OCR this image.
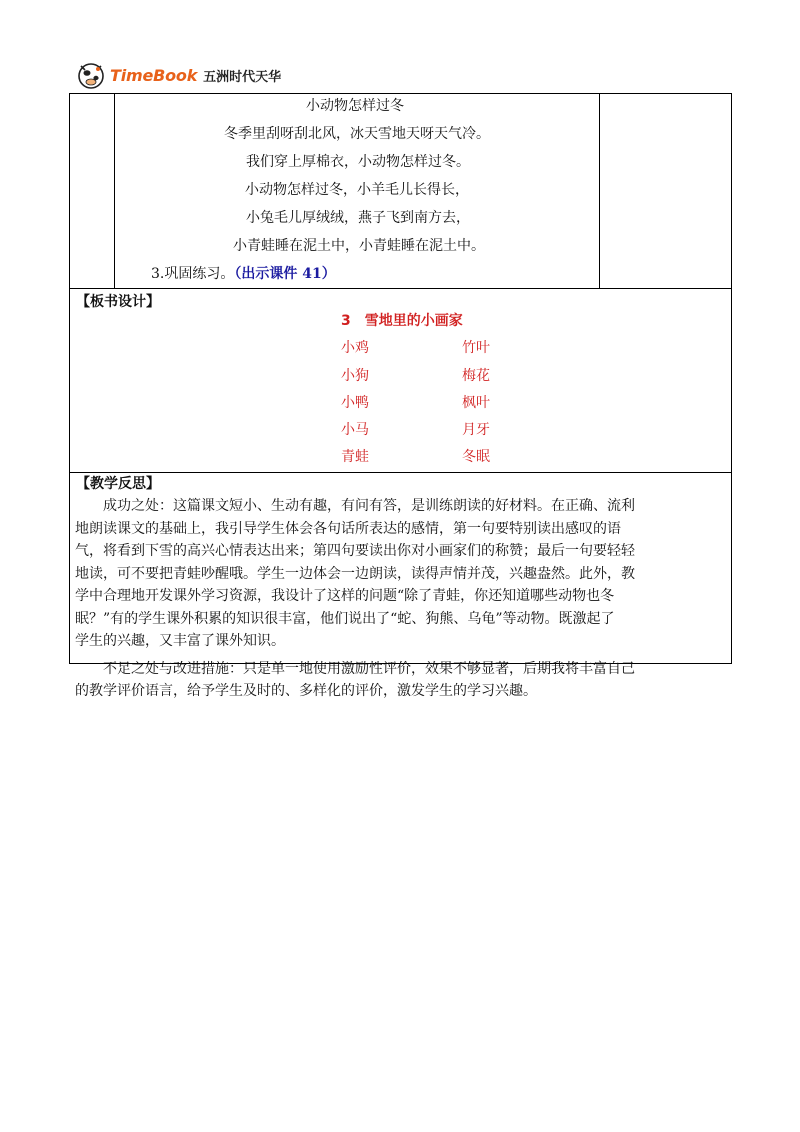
TimeBook 五洲时代天华
小动物怎样过冬
冬季里刮呀刮北风，冰天雪地天呀天气冷。
我们穿上厚棉衣，小动物怎样过冬。
小动物怎样过冬，小羊毛儿长得长，
小兔毛儿厚绒绒，燕子飞到南方去，
小青蛙睡在泥土中，小青蛙睡在泥土中。
3.巩固练习。（出示课件 41）
【板书设计】
3　雪地里的小画家
小鸡
小狗
小鸭
小马
青蛙
竹叶
梅花
枫叶
月牙
冬眠
【教学反思】
成功之处：这篇课文短小、生动有趣，有问有答，是训练朗读的好材料。在正确、流利
地朗读课文的基础上，我引导学生体会各句话所表达的感情，第一句要特别读出感叹的语
气，将看到下雪的高兴心情表达出来；第四句要读出你对小画家们的称赞；最后一句要轻轻
地读，可不要把青蛙吵醒哦。学生一边体会一边朗读，读得声情并茂，兴趣盎然。此外，教
学中合理地开发课外学习资源，我设计了这样的问题“除了青蛙，你还知道哪些动物也冬
眠？”有的学生课外积累的知识很丰富，他们说出了“蛇、狗熊、乌龟”等动物。既激起了
学生的兴趣，又丰富了课外知识。
不足之处与改进措施：只是单一地使用激励性评价，效果不够显著，后期我将丰富自己
的教学评价语言，给予学生及时的、多样化的评价，激发学生的学习兴趣。
